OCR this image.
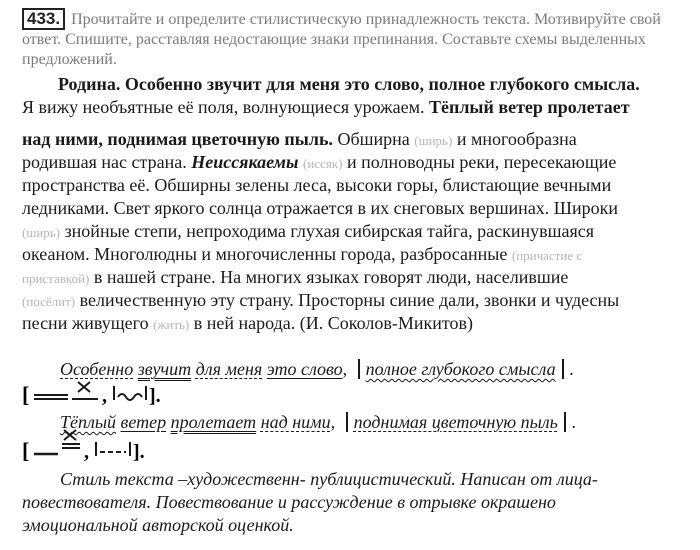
433. Прочитайте и определите стилистическую принадлежность текста. Мотивируйте свой ответ. Спишите, расставляя недостающие знаки препинания. Составьте схемы выделенных предложений.
Родина. Особенно звучит для меня это слово, полное глубокого смысла.
Я вижу необъятные её поля, волнующиеся урожаем. Тёплый ветер пролетает
над ними, поднимая цветочную пыль. Обширна (ширь) и многообразна
родившая нас страна. Неиссякаемы (иссяк) и полноводны реки, пересекающие
пространства её. Обширны зелены леса, высоки горы, блистающие вечными
ледниками. Свет яркого солнца отражается в их снеговых вершинах. Широки
(ширь) знойные степи, непроходима глухая сибирская тайга, раскинувшаяся
океаном. Многолюдны и многочисленны города, разбросанные (причастие с
приставкой) в нашей стране. На многих языках говорят люди, населившие
(посёлит) величественную эту страну. Просторны синие дали, звонки и чудесны
песни живущего (жить) в ней народа. (И. Соколов-Микитов)
Особенно звучит для меня это слово, полное глубокого смысла .
[	, ].
Тёплый ветер пролетает над ними, поднимая цветочную пыль .
[	, ].
Стиль текста –художественн- публицистический. Написан от лица-
повествователя. Повествование и рассуждение в отрывке окрашено
эмоциональной авторской оценкой.
